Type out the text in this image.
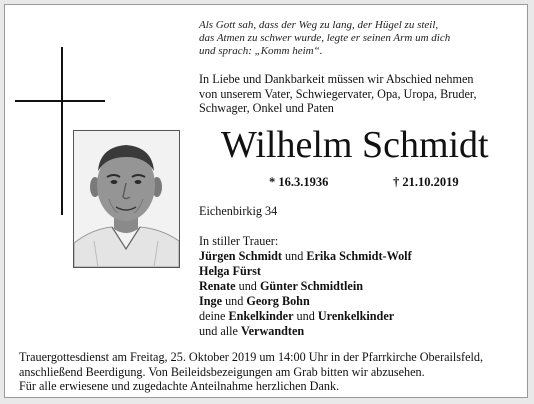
Als Gott sah, dass der Weg zu lang, der Hügel zu steil,
das Atmen zu schwer wurde, legte er seinen Arm um dich
und sprach: „Komm heim“.
In Liebe und Dankbarkeit müssen wir Abschied nehmen
von unserem Vater, Schwiegervater, Opa, Uropa, Bruder,
Schwager, Onkel und Paten
Wilhelm Schmidt
* 16.3.1936	† 21.10.2019
Eichenbirkig 34
In stiller Trauer:
Jürgen Schmidt und Erika Schmidt-Wolf
Helga Fürst
Renate und Günter Schmidtlein
Inge und Georg Bohn
deine Enkelkinder und Urenkelkinder
und alle Verwandten
Trauergottesdienst am Freitag, 25. Oktober 2019 um 14:00 Uhr in der Pfarrkirche Oberailsfeld,
anschließend Beerdigung. Von Beileidsbezeigungen am Grab bitten wir abzusehen.
Für alle erwiesene und zugedachte Anteilnahme herzlichen Dank.
